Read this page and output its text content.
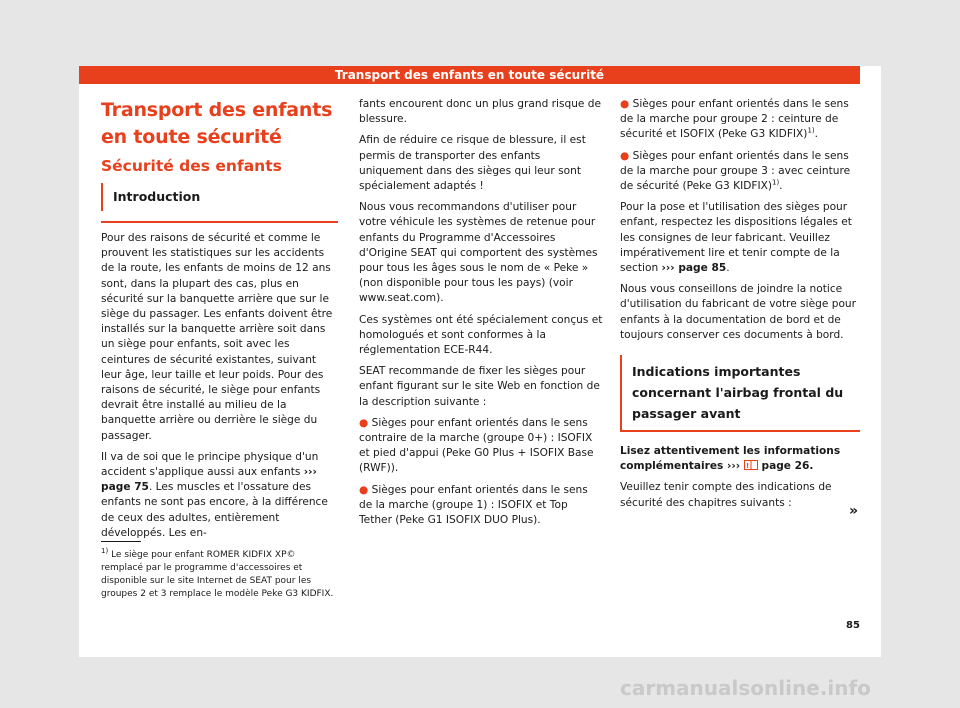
Transport des enfants en toute sécurité
Transport des enfants en toute sécurité
Sécurité des enfants
Introduction

Pour des raisons de sécurité et comme le prouvent les statistiques sur les accidents de la route, les enfants de moins de 12 ans sont, dans la plupart des cas, plus en sécurité sur la banquette arrière que sur le siège du passager. Les enfants doivent être installés sur la banquette arrière soit dans un siège pour enfants, soit avec les ceintures de sécurité existantes, suivant leur âge, leur taille et leur poids. Pour des raisons de sécurité, le siège pour enfants devrait être installé au milieu de la banquette arrière ou derrière le siège du passager.

Il va de soi que le principe physique d'un accident s'applique aussi aux enfants ››› page 75. Les muscles et l'ossature des enfants ne sont pas encore, à la différence de ceux des adultes, entièrement développés. Les en-

fants encourent donc un plus grand risque de blessure.

Afin de réduire ce risque de blessure, il est permis de transporter des enfants uniquement dans des sièges qui leur sont spécialement adaptés !

Nous vous recommandons d'utiliser pour votre véhicule les systèmes de retenue pour enfants du Programme d'Accessoires d'Origine SEAT qui comportent des systèmes pour tous les âges sous le nom de « Peke » (non disponible pour tous les pays) (voir www.seat.com).

Ces systèmes ont été spécialement conçus et homologués et sont conformes à la réglementation ECE-R44.

SEAT recommande de fixer les sièges pour enfant figurant sur le site Web en fonction de la description suivante :

● Sièges pour enfant orientés dans le sens contraire de la marche (groupe 0+) : ISOFIX et pied d'appui (Peke G0 Plus + ISOFIX Base (RWF)).

● Sièges pour enfant orientés dans le sens de la marche (groupe 1) : ISOFIX et Top Tether (Peke G1 ISOFIX DUO Plus).

● Sièges pour enfant orientés dans le sens de la marche pour groupe 2 : ceinture de sécurité et ISOFIX (Peke G3 KIDFIX)$^{1)}$.

● Sièges pour enfant orientés dans le sens de la marche pour groupe 3 : avec ceinture de sécurité (Peke G3 KIDFIX)$^{1)}$.

Pour la pose et l'utilisation des sièges pour enfant, respectez les dispositions légales et les consignes de leur fabricant. Veuillez impérativement lire et tenir compte de la section ››› page 85.

Nous vous conseillons de joindre la notice d'utilisation du fabricant de votre siège pour enfants à la documentation de bord et de toujours conserver ces documents à bord.

Indications importantes concernant l'airbag frontal du passager avant

Lisez attentivement les informations complémentaires ››› ! page 26.

Veuillez tenir compte des indications de sécurité des chapitres suivants :

»
$^{1)}$ Le siège pour enfant ROMER KIDFIX XP© remplacé par le programme d'accessoires et disponible sur le site Internet de SEAT pour les groupes 2 et 3 remplace le modèle Peke G3 KIDFIX.
85
carmanualsonline.info
